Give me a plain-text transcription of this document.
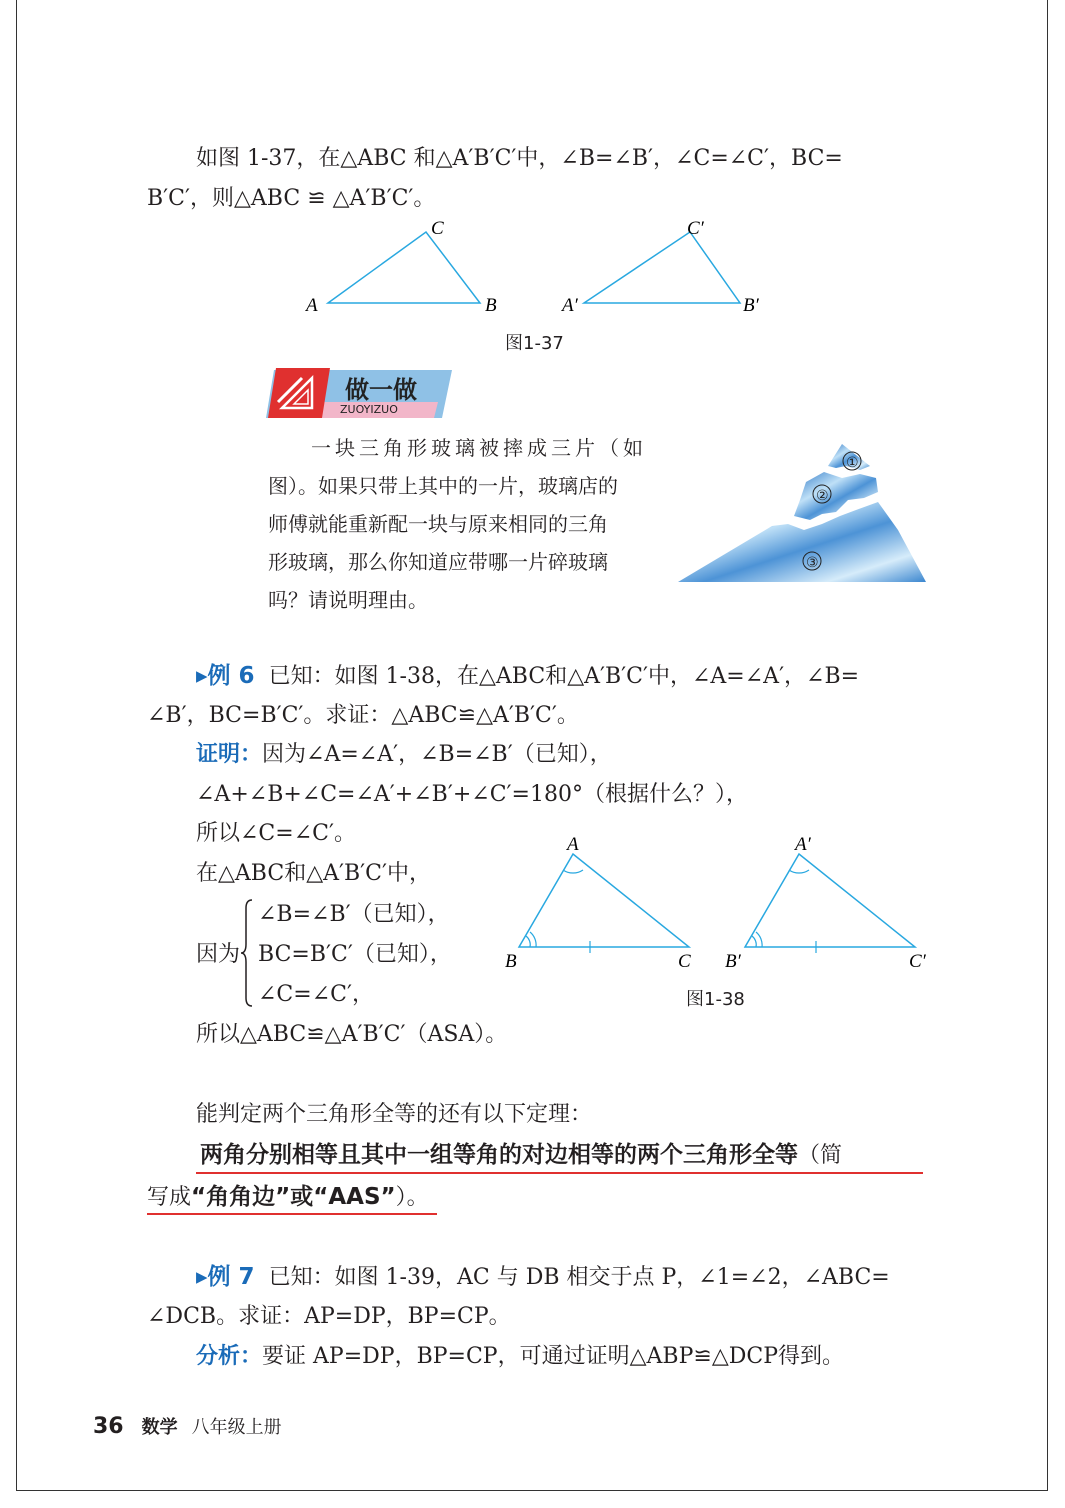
如图 1-37，在△ABC 和△A′B′C′中，∠B=∠B′，∠C=∠C′，BC=
B′C′，则△ABC ≌ △A′B′C′。
A	B
C
A′	B′
C′
图1-37
做一做
ZUOYIZUO
一块三角形玻璃被摔成三片（如
图）。如果只带上其中的一片，玻璃店的
师傅就能重新配一块与原来相同的三角
形玻璃，那么你知道应带哪一片碎玻璃
吗？请说明理由。
①
②
③
▸例 6 已知：如图 1-38，在△ABC和△A′B′C′中，∠A=∠A′，∠B=
∠B′，BC=B′C′。求证：△ABC≌△A′B′C′。
证明：因为∠A=∠A′，∠B=∠B′（已知），
∠A+∠B+∠C=∠A′+∠B′+∠C′=180°（根据什么？），
所以∠C=∠C′。
在△ABC和△A′B′C′中，
因为
∠B=∠B′（已知），
BC=B′C′（已知），
∠C=∠C′，
所以△ABC≌△A′B′C′（ASA）。
A
B	C
A′
B′	C′
图1-38
能判定两个三角形全等的还有以下定理：
两角分别相等且其中一组等角的对边相等的两个三角形全等（简
写成“角角边”或“AAS”）。
▸例 7 已知：如图 1-39，AC 与 DB 相交于点 P，∠1=∠2，∠ABC=
∠DCB。求证：AP=DP，BP=CP。
分析：要证 AP=DP，BP=CP，可通过证明△ABP≌△DCP得到。
36 数学 八年级上册
